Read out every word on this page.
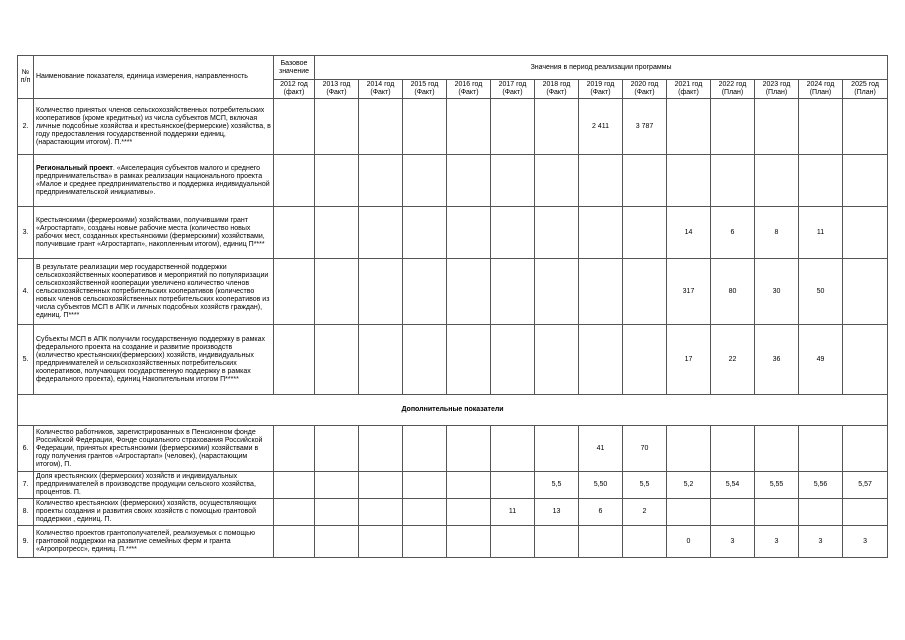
№ п/п	Наименование показателя, единица измерения, направленность	Базовое значение	Значения в период реализации программы												
		2012 год (факт)	2013 год (Факт)	2014 год (Факт)	2015 год (Факт)	2016 год (Факт)	2017 год (Факт)	2018 год (Факт)	2019 год (Факт)	2020 год (Факт)	2021 год (факт)	2022 год (План)	2023 год (План)	2024 год (План)	2025 год (План)
2.	Количество принятых членов сельскохозяйственных потребительских кооперативов (кроме кредитных) из числа субъектов МСП, включая личные подсобные хозяйства и крестьянское(фермерские) хозяйства, в году предоставления государственной поддержки единиц, (нарастающим итогом). П.****								2 411	3 787					
	Региональный проект. «Акселерация субъектов малого и среднего предпринимательства» в рамках реализации национального проекта «Малое и среднее предпринимательство и поддержка индивидуальной предпринимательской инициативы».														
3.	Крестьянскими (фермерскими) хозяйствами, получившими грант «Агростартап», созданы новые рабочие места (количество новых рабочих мест, созданных крестьянскими (фермерскими) хозяйствами, получившие грант «Агростартап», накопленным итогом), единиц П****										14	6	8	11	
4.	В результате реализации мер государственной поддержки сельскохозяйственных кооперативов и мероприятий по популяризации сельскохозяйственной кооперации увеличено количество членов сельскохозяйственных потребительских кооперативов (количество новых членов сельскохозяйственных потребительских кооперативов из числа субъектов МСП в АПК и личных подсобных хозяйств граждан), единиц. П****										317	80	30	50	
5.	Субъекты МСП в АПК получили государственную поддержку в рамках федерального проекта на создание и развитие производств (количество крестьянских(фермерских) хозяйств, индивидуальных предпринимателей и сельскохозяйственных потребительских кооперативов, получающих государственную поддержку в рамках федерального проекта), единиц Накопительным итогом П*****										17	22	36	49	
Дополнительные показатели															
6.	Количество работников, зарегистрированных в Пенсионном фонде Российской Федерации, Фонде социального страхования Российской Федерации, принятых крестьянскими (фермерскими) хозяйствами в году получения грантов «Агростартап» (человек), (нарастающим итогом), П.								41	70					
7.	Доля крестьянских (фермерских) хозяйств и индивидуальных предпринимателей в производстве продукции сельского хозяйства, процентов. П.							5,5	5,50	5,5	5,2	5,54	5,55	5,56	5,57
8.	Количество крестьянских (фермерских) хозяйств, осуществляющих проекты создания и развития своих хозяйств с помощью грантовой поддержки , единиц. П.						11	13	6	2					
9.	Количество проектов грантополучателей, реализуемых с помощью грантовой поддержки на развитие семейных ферм и гранта «Агропрогресс», единиц. П.****										0	3	3	3	3
